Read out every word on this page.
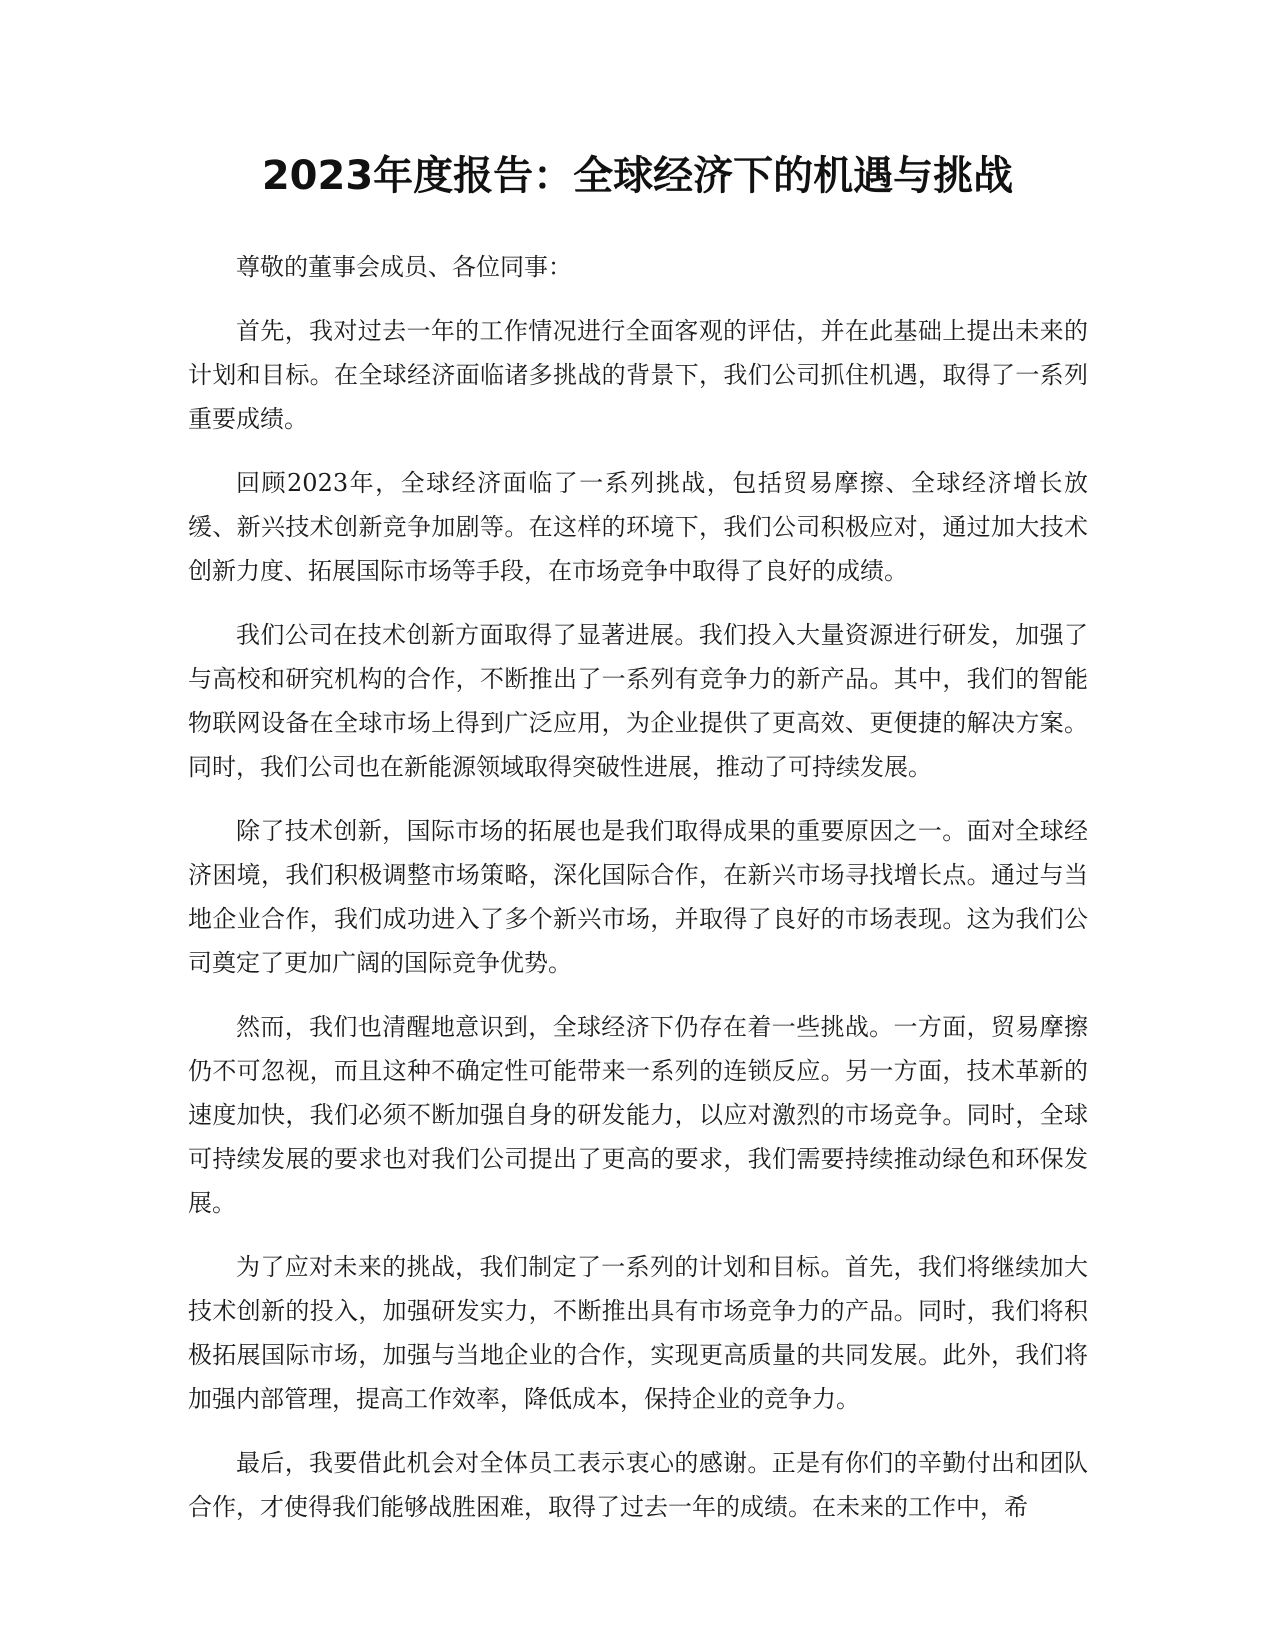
2023年度报告：全球经济下的机遇与挑战

尊敬的董事会成员、各位同事：

首先，我对过去一年的工作情况进行全面客观的评估，并在此基础上提出未来的计划和目标。在全球经济面临诸多挑战的背景下，我们公司抓住机遇，取得了一系列重要成绩。

回顾2023年，全球经济面临了一系列挑战，包括贸易摩擦、全球经济增长放缓、新兴技术创新竞争加剧等。在这样的环境下，我们公司积极应对，通过加大技术创新力度、拓展国际市场等手段，在市场竞争中取得了良好的成绩。

我们公司在技术创新方面取得了显著进展。我们投入大量资源进行研发，加强了与高校和研究机构的合作，不断推出了一系列有竞争力的新产品。其中，我们的智能物联网设备在全球市场上得到广泛应用，为企业提供了更高效、更便捷的解决方案。同时，我们公司也在新能源领域取得突破性进展，推动了可持续发展。

除了技术创新，国际市场的拓展也是我们取得成果的重要原因之一。面对全球经济困境，我们积极调整市场策略，深化国际合作，在新兴市场寻找增长点。通过与当地企业合作，我们成功进入了多个新兴市场，并取得了良好的市场表现。这为我们公司奠定了更加广阔的国际竞争优势。

然而，我们也清醒地意识到，全球经济下仍存在着一些挑战。一方面，贸易摩擦仍不可忽视，而且这种不确定性可能带来一系列的连锁反应。另一方面，技术革新的速度加快，我们必须不断加强自身的研发能力，以应对激烈的市场竞争。同时，全球可持续发展的要求也对我们公司提出了更高的要求，我们需要持续推动绿色和环保发展。

为了应对未来的挑战，我们制定了一系列的计划和目标。首先，我们将继续加大技术创新的投入，加强研发实力，不断推出具有市场竞争力的产品。同时，我们将积极拓展国际市场，加强与当地企业的合作，实现更高质量的共同发展。此外，我们将加强内部管理，提高工作效率，降低成本，保持企业的竞争力。

最后，我要借此机会对全体员工表示衷心的感谢。正是有你们的辛勤付出和团队合作，才使得我们能够战胜困难，取得了过去一年的成绩。在未来的工作中，希
